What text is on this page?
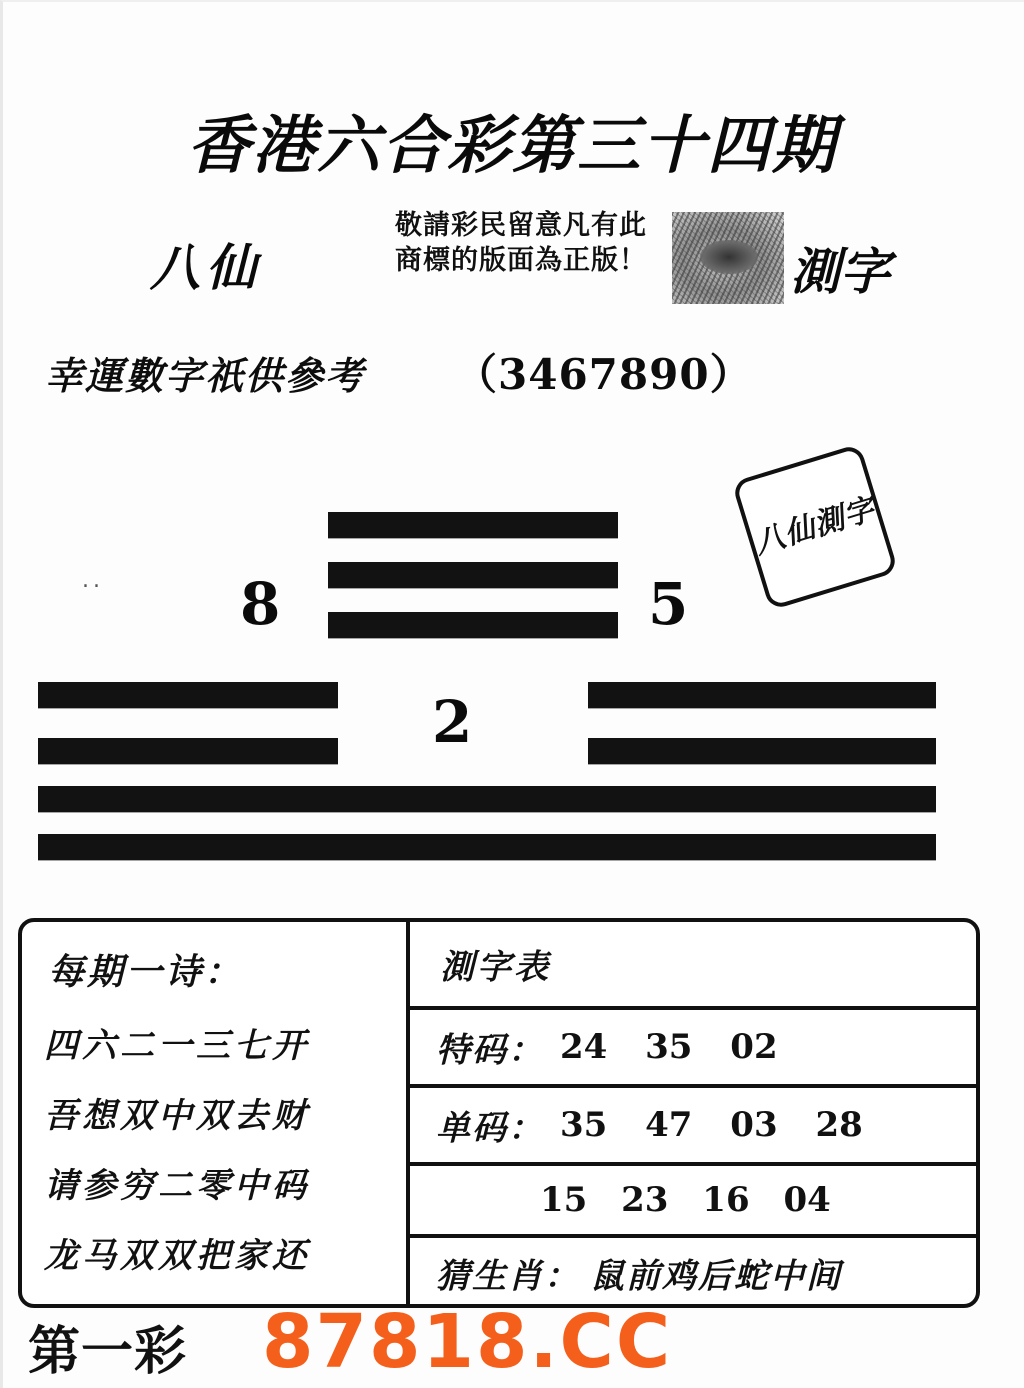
香港六合彩第三十四期
八仙
敬請彩民留意凡有此商標的版面為正版！	測字
幸運數字祇供參考 （3467890）
.. 8	5
2
八仙測字
每期一诗：
四六二一三七开
吾想双中双去财
请参穷二零中码
龙马双双把家还
測字表
特码： 24 35 02
单码： 35 47 03 28
15 23 16 04
猜生肖： 鼠前鸡后蛇中间
第一彩 87818.CC
